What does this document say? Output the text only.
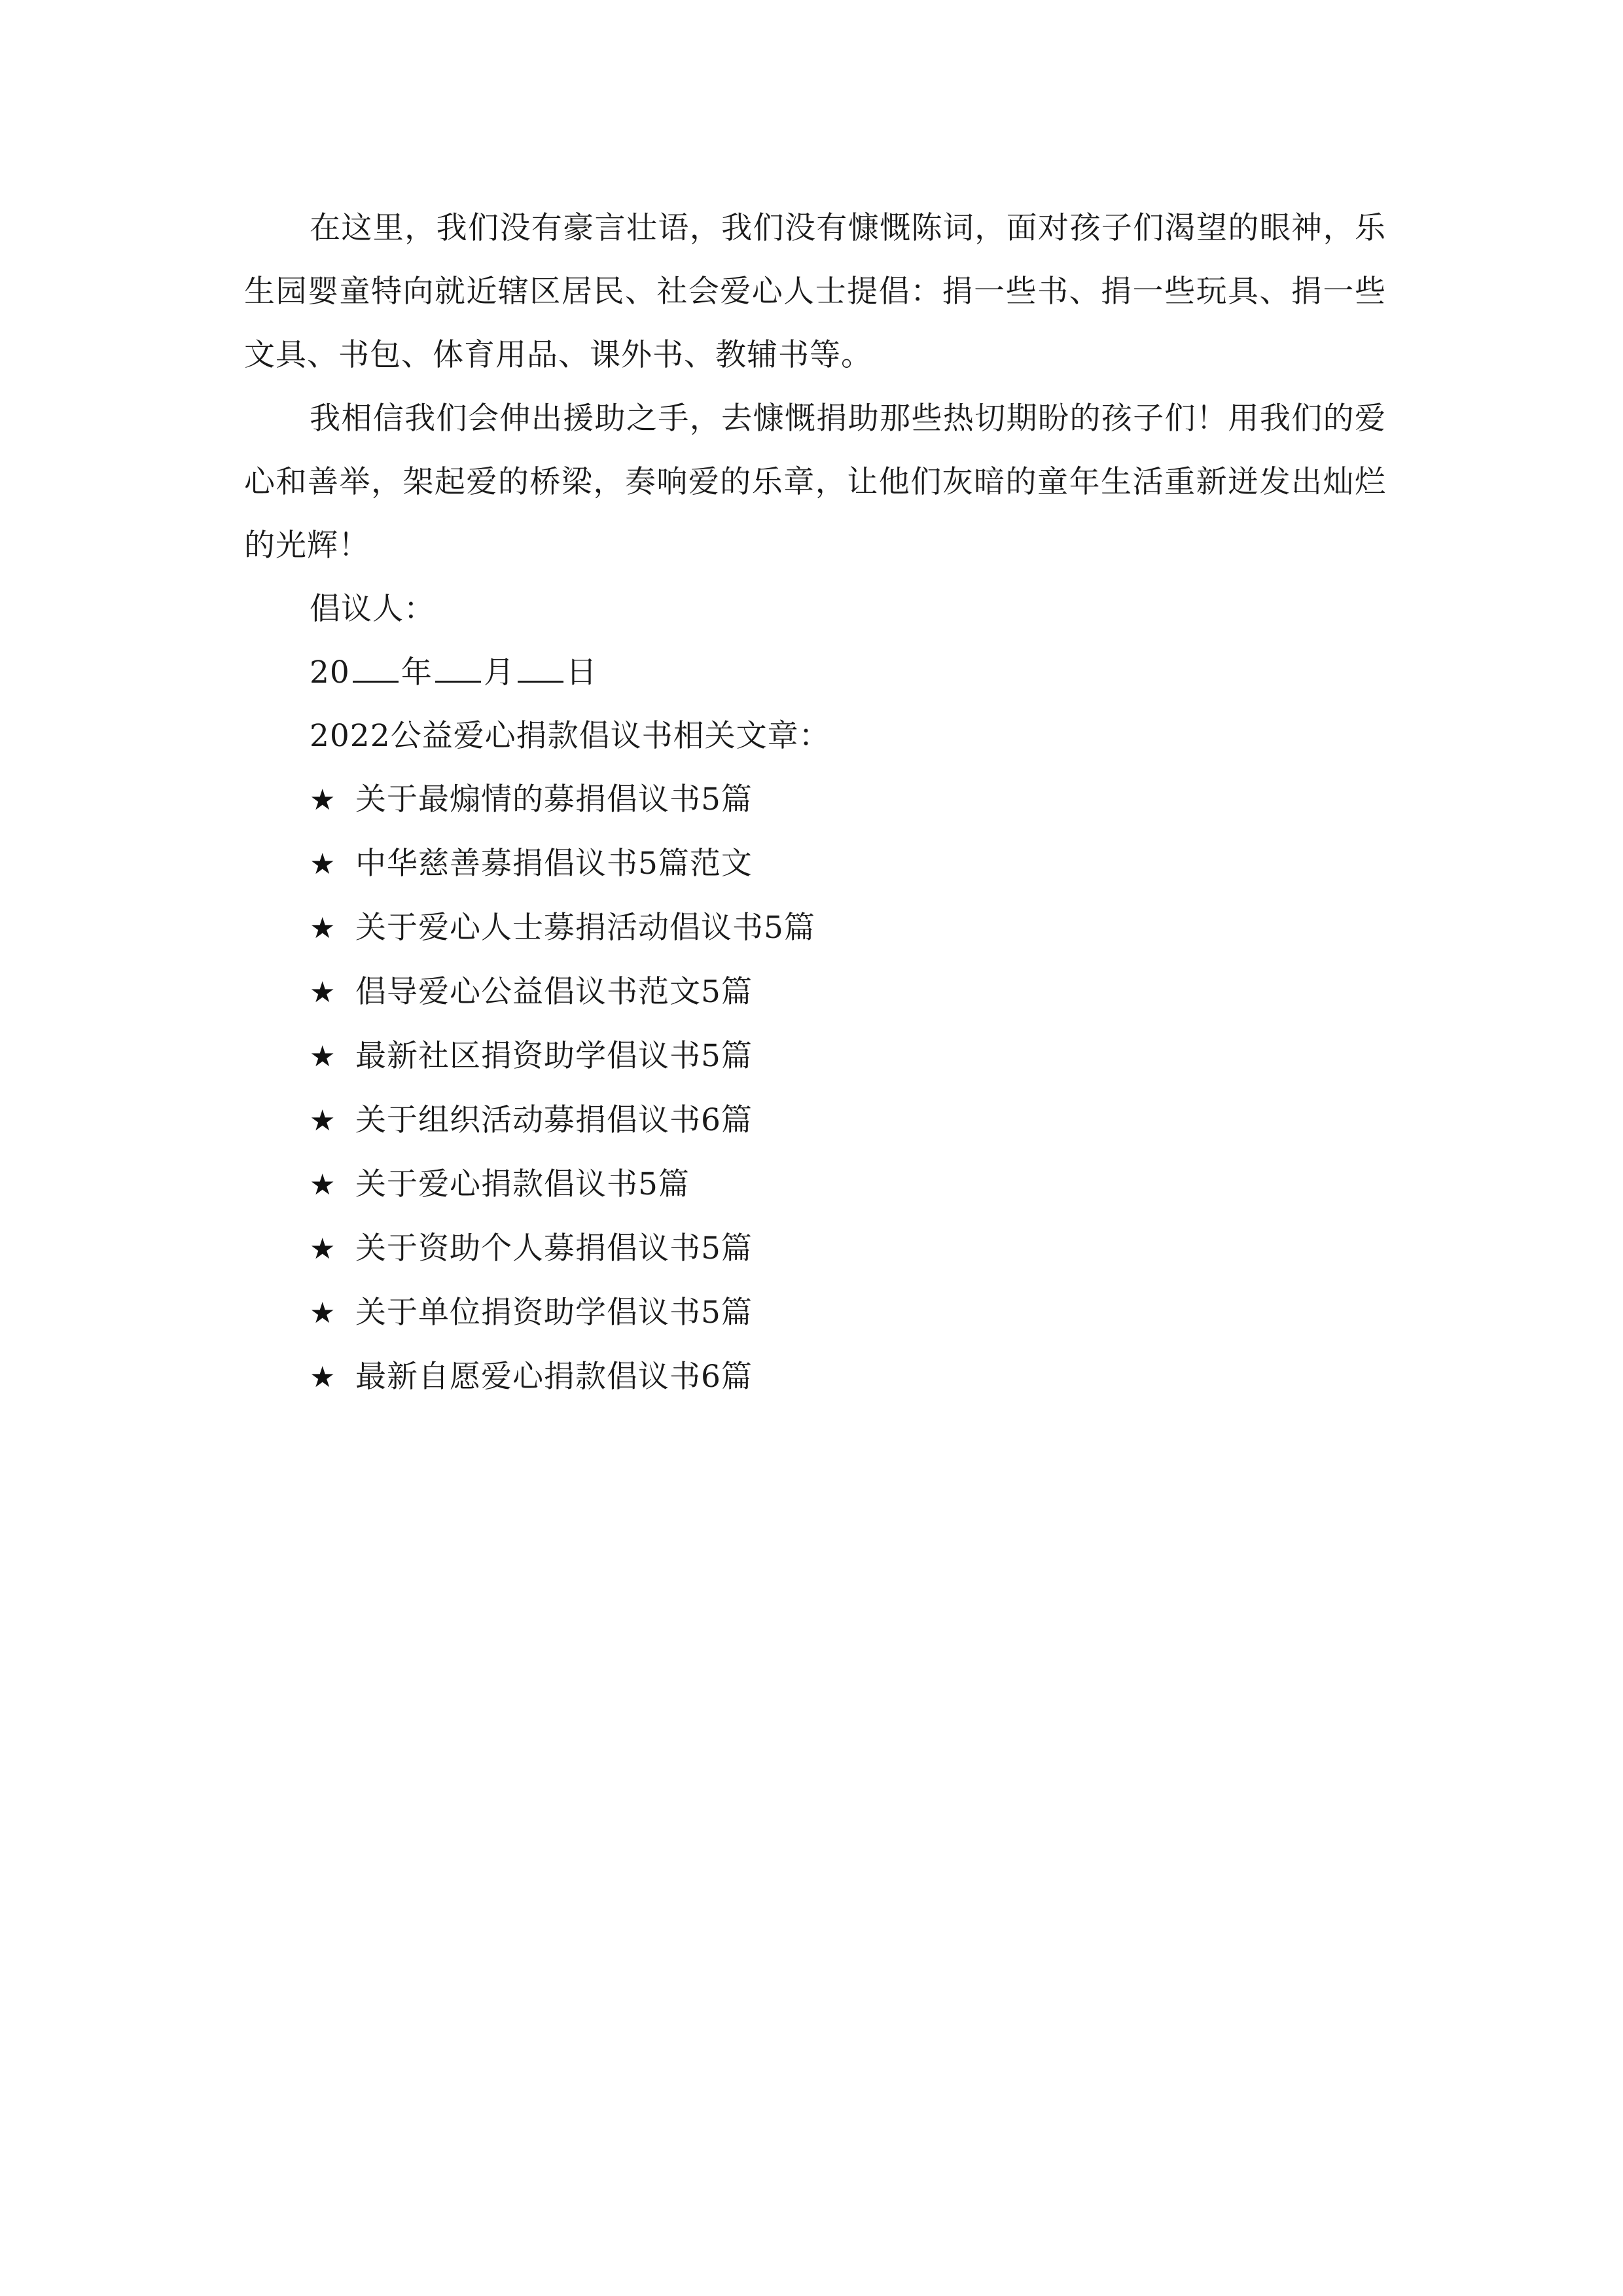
在这里，我们没有豪言壮语，我们没有慷慨陈词，面对孩子们渴望的眼神，乐生园婴童特向就近辖区居民、社会爱心人士提倡：捐一些书、捐一些玩具、捐一些文具、书包、体育用品、课外书、教辅书等。

我相信我们会伸出援助之手，去慷慨捐助那些热切期盼的孩子们！用我们的爱心和善举，架起爱的桥梁，奏响爱的乐章，让他们灰暗的童年生活重新迸发出灿烂的光辉！

倡议人：

20 年 月 日

2022公益爱心捐款倡议书相关文章：

★ 关于最煽情的募捐倡议书5篇
★ 中华慈善募捐倡议书5篇范文
★ 关于爱心人士募捐活动倡议书5篇
★ 倡导爱心公益倡议书范文5篇
★ 最新社区捐资助学倡议书5篇
★ 关于组织活动募捐倡议书6篇
★ 关于爱心捐款倡议书5篇
★ 关于资助个人募捐倡议书5篇
★ 关于单位捐资助学倡议书5篇
★ 最新自愿爱心捐款倡议书6篇
